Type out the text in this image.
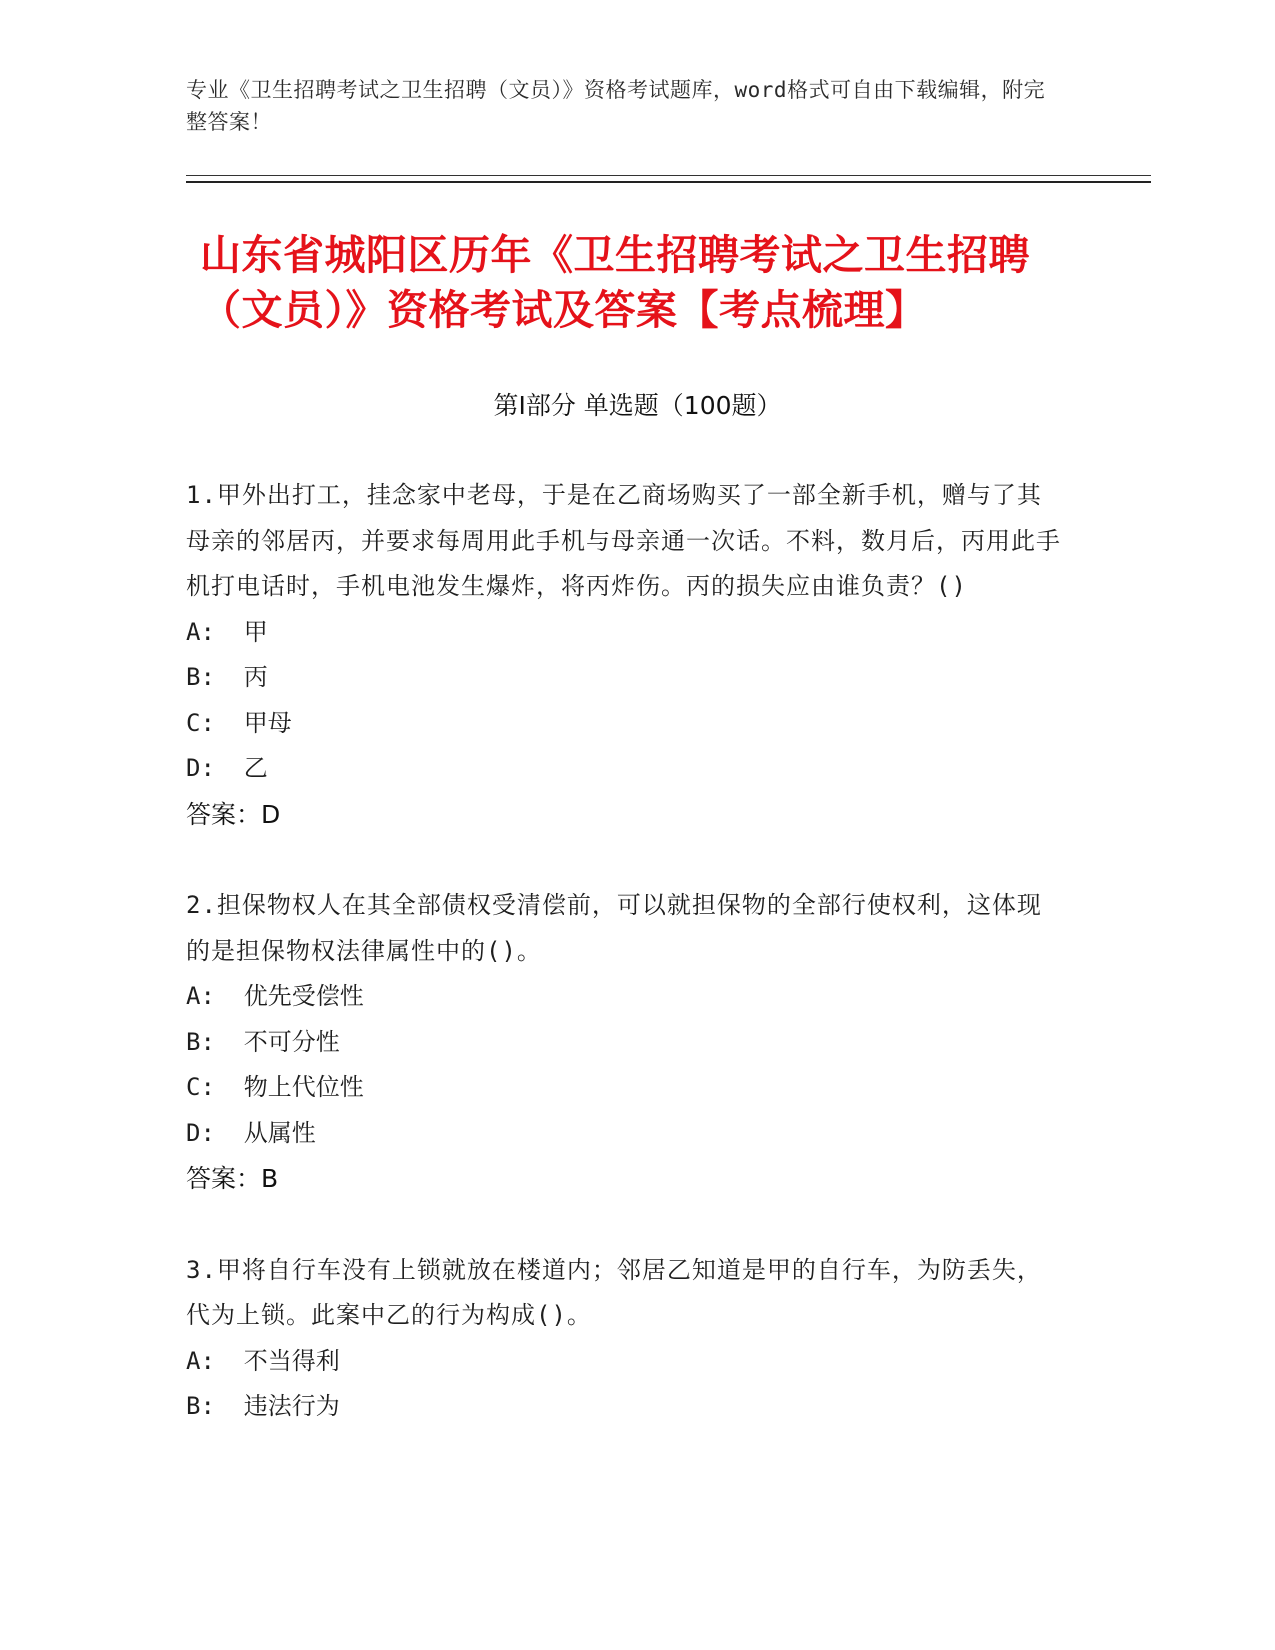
专业《卫生招聘考试之卫生招聘（文员）》资格考试题库，word格式可自由下载编辑，附完整答案！
山东省城阳区历年《卫生招聘考试之卫生招聘（文员）》资格考试及答案【考点梳理】
第Ⅰ部分 单选题（100题）

1.甲外出打工，挂念家中老母，于是在乙商场购买了一部全新手机，赠与了其母亲的邻居丙，并要求每周用此手机与母亲通一次话。不料，数月后，丙用此手机打电话时，手机电池发生爆炸，将丙炸伤。丙的损失应由谁负责？()

A:  甲

B:  丙

C:  甲母

D:  乙

答案：D

2.担保物权人在其全部债权受清偿前，可以就担保物的全部行使权利，这体现的是担保物权法律属性中的()。

A:  优先受偿性

B:  不可分性

C:  物上代位性

D:  从属性

答案：B

3.甲将自行车没有上锁就放在楼道内；邻居乙知道是甲的自行车，为防丢失，代为上锁。此案中乙的行为构成()。

A:  不当得利

B:  违法行为
